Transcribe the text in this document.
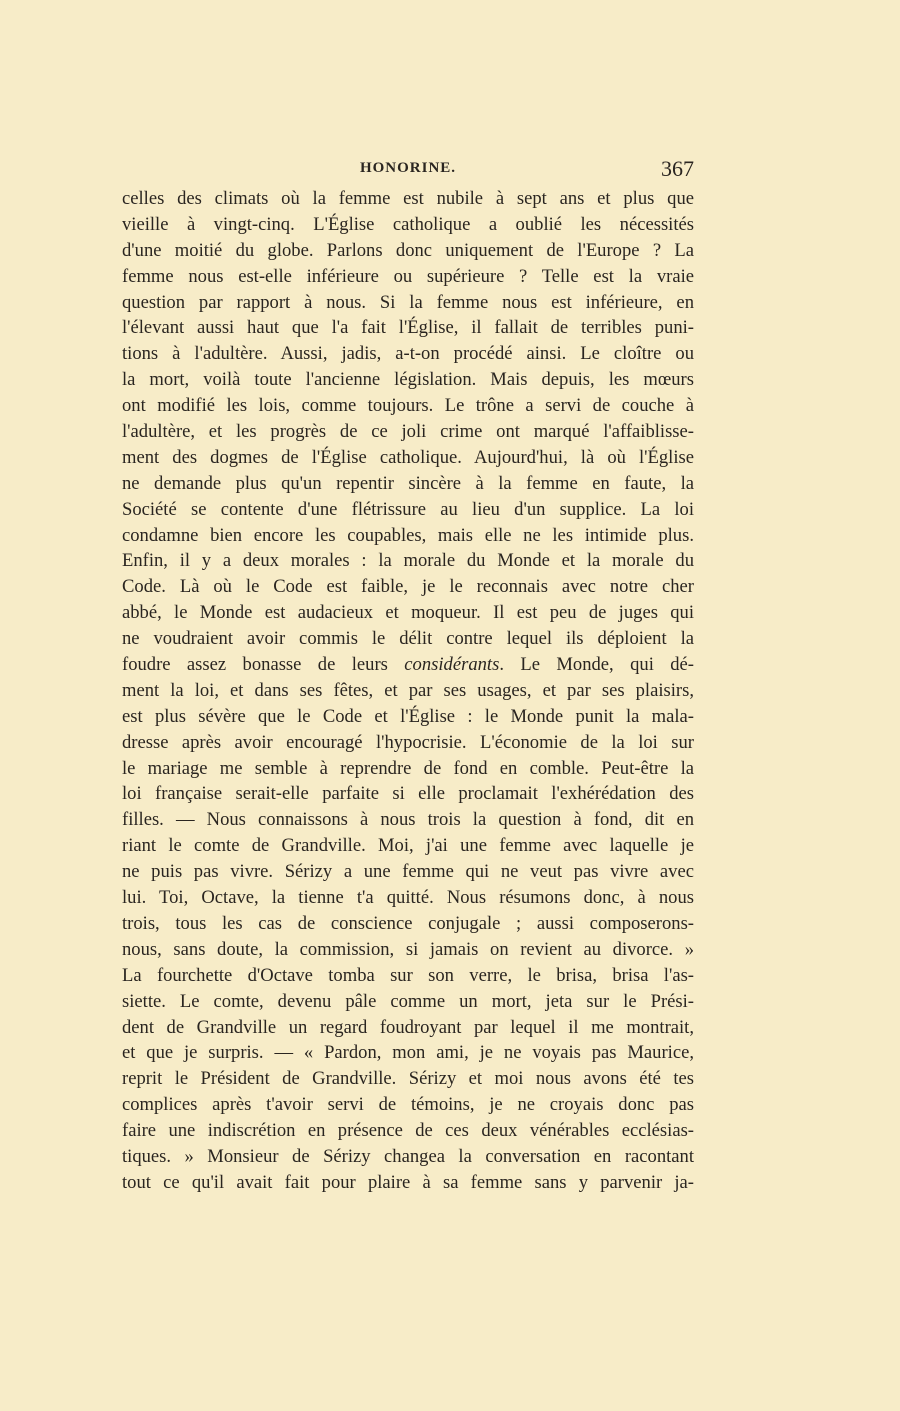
HONORINE.	367
celles des climats où la femme est nubile à sept ans et plus que
vieille à vingt-cinq. L'Église catholique a oublié les nécessités
d'une moitié du globe. Parlons donc uniquement de l'Europe ? La
femme nous est-elle inférieure ou supérieure ? Telle est la vraie
question par rapport à nous. Si la femme nous est inférieure, en
l'élevant aussi haut que l'a fait l'Église, il fallait de terribles puni-
tions à l'adultère. Aussi, jadis, a-t-on procédé ainsi. Le cloître ou
la mort, voilà toute l'ancienne législation. Mais depuis, les mœurs
ont modifié les lois, comme toujours. Le trône a servi de couche à
l'adultère, et les progrès de ce joli crime ont marqué l'affaiblisse-
ment des dogmes de l'Église catholique. Aujourd'hui, là où l'Église
ne demande plus qu'un repentir sincère à la femme en faute, la
Société se contente d'une flétrissure au lieu d'un supplice. La loi
condamne bien encore les coupables, mais elle ne les intimide plus.
Enfin, il y a deux morales : la morale du Monde et la morale du
Code. Là où le Code est faible, je le reconnais avec notre cher
abbé, le Monde est audacieux et moqueur. Il est peu de juges qui
ne voudraient avoir commis le délit contre lequel ils déploient la
foudre assez bonasse de leurs considérants. Le Monde, qui dé-
ment la loi, et dans ses fêtes, et par ses usages, et par ses plaisirs,
est plus sévère que le Code et l'Église : le Monde punit la mala-
dresse après avoir encouragé l'hypocrisie. L'économie de la loi sur
le mariage me semble à reprendre de fond en comble. Peut-être la
loi française serait-elle parfaite si elle proclamait l'exhérédation des
filles. — Nous connaissons à nous trois la question à fond, dit en
riant le comte de Grandville. Moi, j'ai une femme avec laquelle je
ne puis pas vivre. Sérizy a une femme qui ne veut pas vivre avec
lui. Toi, Octave, la tienne t'a quitté. Nous résumons donc, à nous
trois, tous les cas de conscience conjugale ; aussi composerons-
nous, sans doute, la commission, si jamais on revient au divorce. »
La fourchette d'Octave tomba sur son verre, le brisa, brisa l'as-
siette. Le comte, devenu pâle comme un mort, jeta sur le Prési-
dent de Grandville un regard foudroyant par lequel il me montrait,
et que je surpris. — « Pardon, mon ami, je ne voyais pas Maurice,
reprit le Président de Grandville. Sérizy et moi nous avons été tes
complices après t'avoir servi de témoins, je ne croyais donc pas
faire une indiscrétion en présence de ces deux vénérables ecclésias-
tiques. » Monsieur de Sérizy changea la conversation en racontant
tout ce qu'il avait fait pour plaire à sa femme sans y parvenir ja-
